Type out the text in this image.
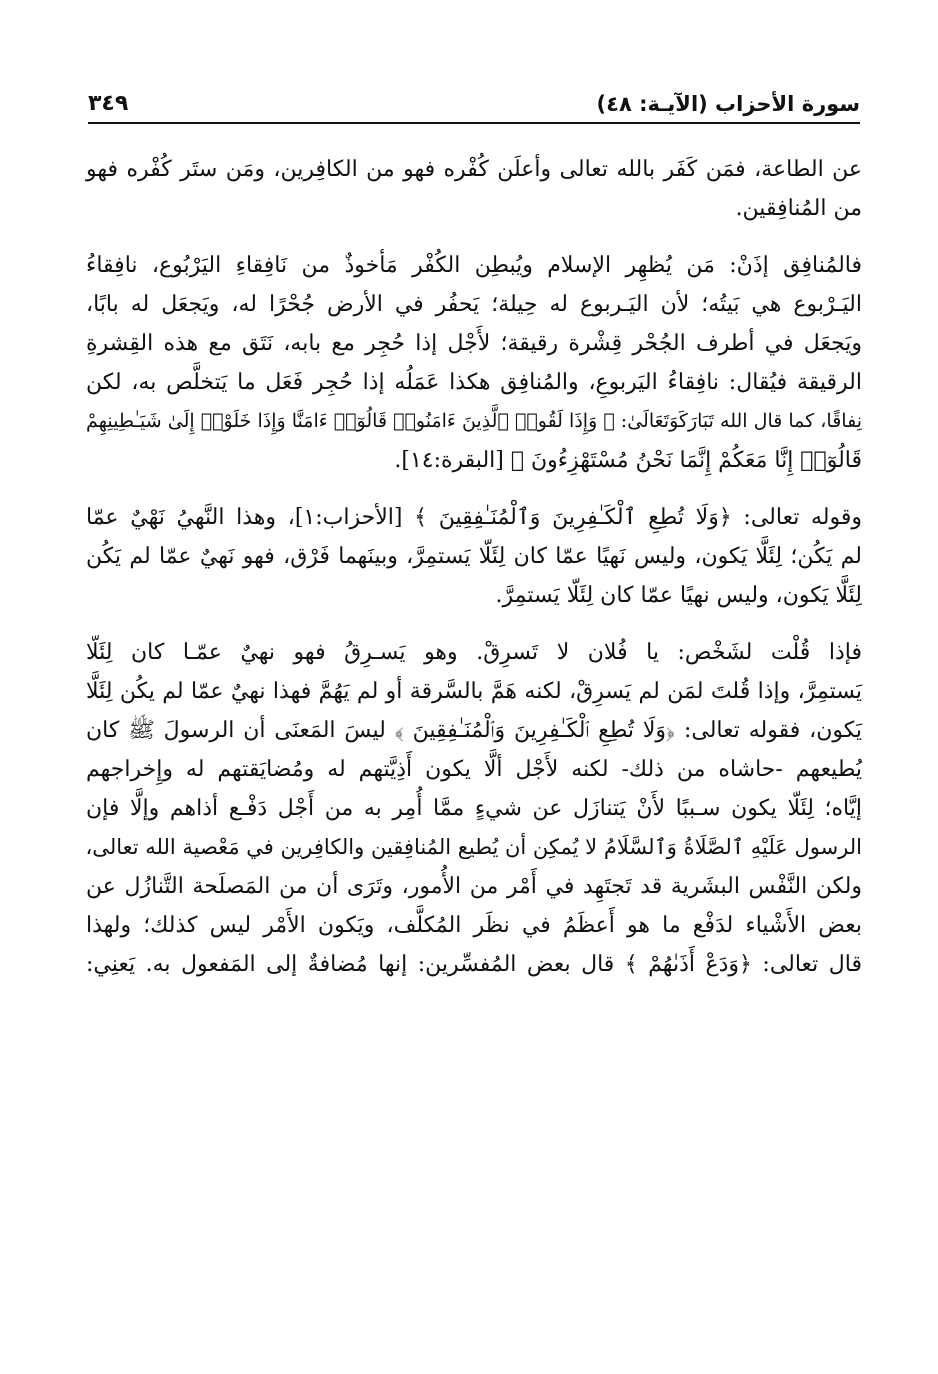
سورة الأحزاب (الآيـة: ٤٨)
٣٤٩
عن الطاعة، فمَن كَفَر بالله تعالى وأعلَن كُفْره فهو من الكافِرين، ومَن ستَر كُفْره فهو
من المُنافِقين.
فالمُنافِق إذَنْ: مَن يُظهِر الإسلام ويُبطِن الكُفْر مَأخوذٌ من نَافِقاءِ اليَرْبُوع، نافِقاءُ
اليَـرْبوع هي بَيتُه؛ لأن اليَـربوع له حِيلة؛ يَحفُر في الأرض جُحْرًا له، ويَجعَل له بابًا،
ويَجعَل في أطرف الجُحْر قِشْرة رقيقة؛ لأَجْل إذا حُجِر مع بابه، نَتَق مع هذه القِشرةِ
الرقيقة فيُقال: نافِقاءُ اليَربوعِ، والمُنافِق هكذا عَمَلُه إذا حُجِر فَعَل ما يَتخلَّص به، لكن
نِفاقًا، كما قال الله تَبَارَكَوَتَعَالَىٰ: ﴿ وَإِذَا لَقُوا۟ ٱلَّذِينَ ءَامَنُوا۟ قَالُوٓا۟ ءَامَنَّا وَإِذَا خَلَوْا۟ إِلَىٰ شَيَـٰطِينِهِمْ
قَالُوٓا۟ إِنَّا مَعَكُمْ إِنَّمَا نَحْنُ مُسْتَهْزِءُونَ ﴾ [البقرة:١٤].
وقوله تعالى: ﴿وَلَا تُطِعِ ٱلْكَـٰفِرِينَ وَٱلْمُنَـٰفِقِينَ ﴾ [الأحزاب:١]، وهذا النَّهيُ نَهْيٌ عمّا
لم يَكُن؛ لِئَلَّا يَكون، وليس نَهيًا عمّا كان لِئَلّا يَستمِرَّ، وبينَهما فَرْق، فهو نَهيٌ عمّا لم يَكُن
لِئَلَّا يَكون، وليس نهيًا عمّا كان لِئَلّا يَستمِرَّ.
فإذا قُلْت لشَخْص: يا فُلان لا تَسرِقْ. وهو يَسـرِقُ فهو نهيٌ عمّـا كان لِئَلّا
يَستمِرَّ، وإذا قُلتَ لمَن لم يَسرِقْ، لكنه هَمَّ بالسَّرقة أو لم يَهُمَّ فهذا نهيٌ عمّا لم يكُن لِئَلَّا
يَكون، فقوله تعالى: ﴿وَلَا تُطِعِ ٱلْكَـٰفِرِينَ وَٱلْمُنَـٰفِقِينَ ﴾ ليسَ المَعنَى أن الرسولَ ﷺ كان
يُطيعهم -حاشاه من ذلك- لكنه لأَجْل ألَّا يكون أَذِيَّتهم له ومُضايَقتهم له وإِخراجهم
إيَّاه؛ لِئَلّا يكون سـببًا لأَنْ يَتنازَل عن شيءٍ ممَّا أُمِر به من أَجْل دَفْـع أذاهم وإلَّا فإن
الرسول عَلَيْهِ ٱلصَّلَاةُ وَٱلسَّلَامُ لا يُمكِن أن يُطيع المُنافِقين والكافِرين في مَعْصية الله تعالى،
ولكن النَّفْس البشَرية قد تَجتَهِد في أَمْر من الأُمور، وتَرَى أن من المَصلَحة التَّنازُل عن
بعض الأَشْياء لدَفْع ما هو أَعظَمُ في نظَر المُكلَّف، ويَكون الأَمْر ليس كذلك؛ ولهذا
قال تعالى: ﴿وَدَعْ أَذَىٰهُمْ ﴾ قال بعض المُفسِّرين: إنها مُضافةٌ إلى المَفعول به. يَعنِي:
